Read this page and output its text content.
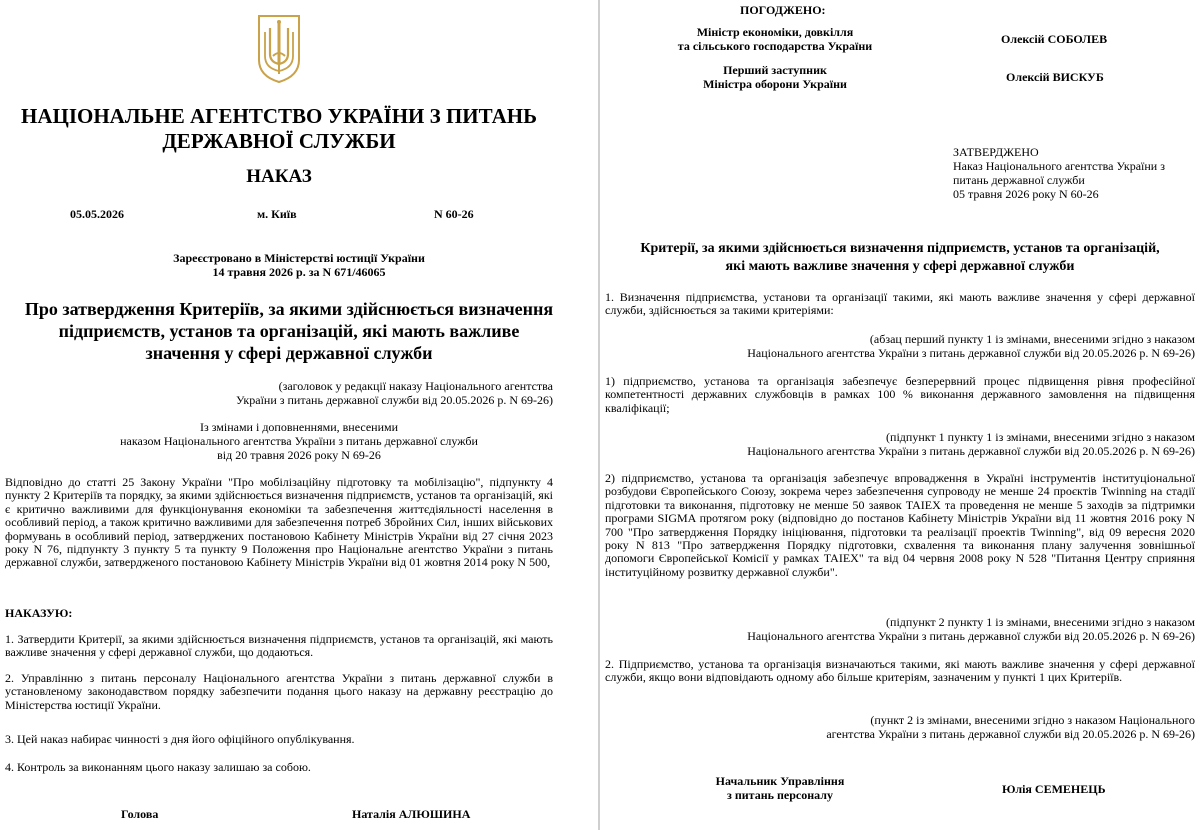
НАЦІОНАЛЬНЕ АГЕНТСТВО УКРАЇНИ З ПИТАНЬ ДЕРЖАВНОЇ СЛУЖБИ
НАКАЗ
05.05.2026	м. Київ	N 60-26
Зареєстровано в Міністерстві юстиції України
14 травня 2026 р. за N 671/46065
Про затвердження Критеріїв, за якими здійснюється визначення підприємств, установ та організацій, які мають важливе значення у сфері державної служби
(заголовок у редакції наказу Національного агентства
України з питань державної служби від 20.05.2026 р. N 69-26)
Із змінами і доповненнями, внесеними
наказом Національного агентства України з питань державної служби
від 20 травня 2026 року N 69-26
Відповідно до статті 25 Закону України "Про мобілізаційну підготовку та мобілізацію", підпункту 4 пункту 2 Критеріїв та порядку, за якими здійснюється визначення підприємств, установ та організацій, які є критично важливими для функціонування економіки та забезпечення життєдіяльності населення в особливий період, а також критично важливими для забезпечення потреб Збройних Сил, інших військових формувань в особливий період, затверджених постановою Кабінету Міністрів України від 27 січня 2023 року N 76, підпункту 3 пункту 5 та пункту 9 Положення про Національне агентство України з питань державної служби, затвердженого постановою Кабінету Міністрів України від 01 жовтня 2014 року N 500,
НАКАЗУЮ:
1. Затвердити Критерії, за якими здійснюється визначення підприємств, установ та організацій, які мають важливе значення у сфері державної служби, що додаються.
2. Управлінню з питань персоналу Національного агентства України з питань державної служби в установленому законодавством порядку забезпечити подання цього наказу на державну реєстрацію до Міністерства юстиції України.
3. Цей наказ набирає чинності з дня його офіційного опублікування.
4. Контроль за виконанням цього наказу залишаю за собою.
Голова	Наталія АЛЮШИНА
ПОГОДЖЕНО:
Міністр економіки, довкілля
та сільського господарства України	Олексій СОБОЛЕВ
Перший заступник
Міністра оборони України	Олексій ВИСКУБ
ЗАТВЕРДЖЕНО
Наказ Національного агентства України з
питань державної служби
05 травня 2026 року N 60-26
Критерії, за якими здійснюється визначення підприємств, установ та організацій, які мають важливе значення у сфері державної служби
1. Визначення підприємства, установи та організації такими, які мають важливе значення у сфері державної служби, здійснюється за такими критеріями:
(абзац перший пункту 1 із змінами, внесеними згідно з наказом
Національного агентства України з питань державної служби від 20.05.2026 р. N 69-26)
1) підприємство, установа та організація забезпечує безперервний процес підвищення рівня професійної компетентності державних службовців в рамках 100 % виконання державного замовлення на підвищення кваліфікації;
(підпункт 1 пункту 1 із змінами, внесеними згідно з наказом
Національного агентства України з питань державної служби від 20.05.2026 р. N 69-26)
2) підприємство, установа та організація забезпечує впровадження в Україні інструментів інституціональної розбудови Європейського Союзу, зокрема через забезпечення супроводу не менше 24 проєктів Twinning на стадії підготовки та виконання, підготовку не менше 50 заявок TAIEX та проведення не менше 5 заходів за підтримки програми SIGMA протягом року (відповідно до постанов Кабінету Міністрів України від 11 жовтня 2016 року N 700 "Про затвердження Порядку ініціювання, підготовки та реалізації проектів Twinning", від 09 вересня 2020 року N 813 "Про затвердження Порядку підготовки, схвалення та виконання плану залучення зовнішньої допомоги Європейської Комісії у рамках TAIEX" та від 04 червня 2008 року N 528 "Питання Центру сприяння інституційному розвитку державної служби".
(підпункт 2 пункту 1 із змінами, внесеними згідно з наказом
Національного агентства України з питань державної служби від 20.05.2026 р. N 69-26)
2. Підприємство, установа та організація визначаються такими, які мають важливе значення у сфері державної служби, якщо вони відповідають одному або більше критеріям, зазначеним у пункті 1 цих Критеріїв.
(пункт 2 із змінами, внесеними згідно з наказом Національного
агентства України з питань державної служби від 20.05.2026 р. N 69-26)
Начальник Управління
з питань персоналу	Юлія СЕМЕНЕЦЬ
